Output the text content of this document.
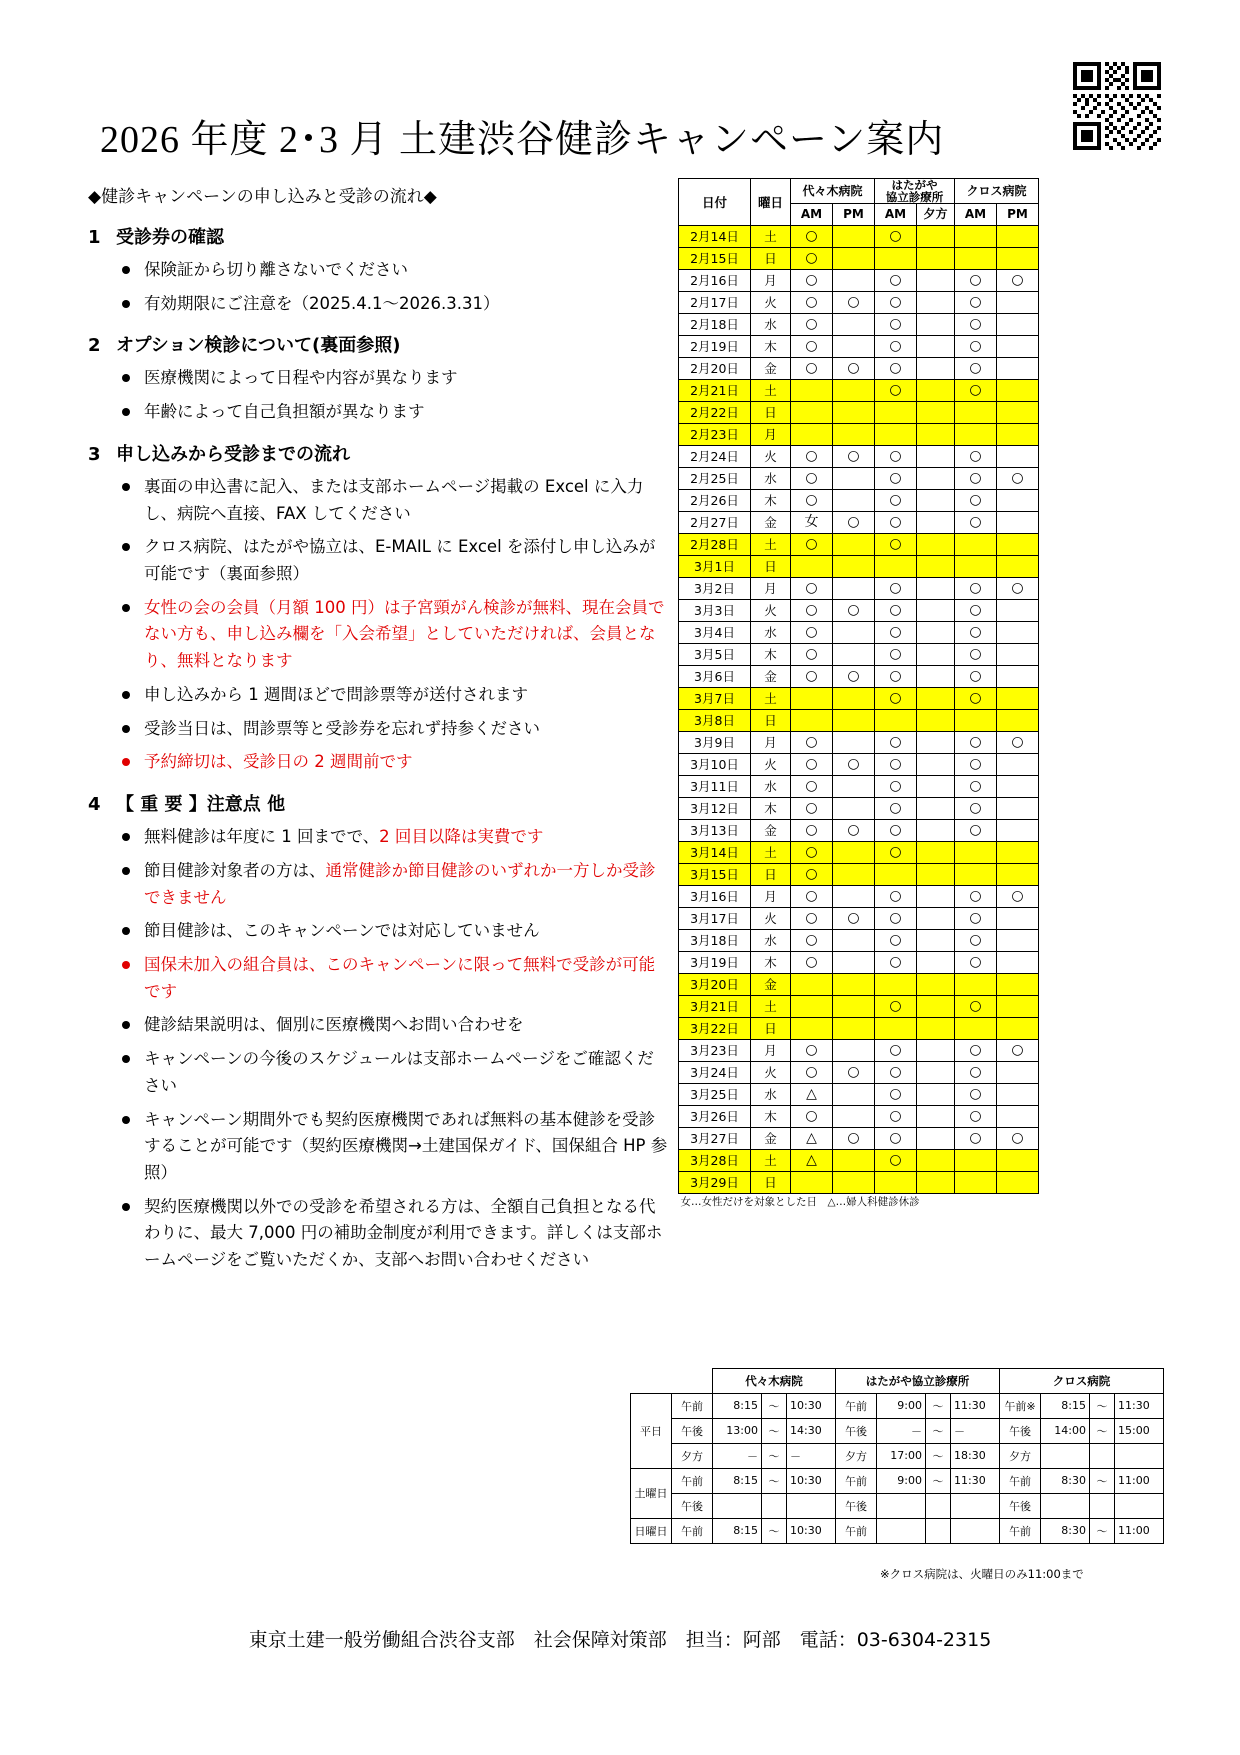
2026 年度 2･3 月 土建渋谷健診キャンペーン案内
◆健診キャンペーンの申し込みと受診の流れ◆
1 受診券の確認
保険証から切り離さないでください
有効期限にご注意を（2025.4.1～2026.3.31）
2 オプション検診について(裏面参照)
医療機関によって日程や内容が異なります
年齢によって自己負担額が異なります
3 申し込みから受診までの流れ
裏面の申込書に記入、または支部ホームページ掲載の Excel に入力し、病院へ直接、FAX してください
クロス病院、はたがや協立は、E-MAIL に Excel を添付し申し込みが可能です（裏面参照）
女性の会の会員（月額 100 円）は子宮頸がん検診が無料、現在会員でない方も、申し込み欄を「入会希望」としていただければ、会員となり、無料となります
申し込みから 1 週間ほどで問診票等が送付されます
受診当日は、問診票等と受診券を忘れず持参ください
予約締切は、受診日の 2 週間前です
4 【 重 要 】注意点 他
無料健診は年度に 1 回までで、2 回目以降は実費です
節目健診対象者の方は、通常健診か節目健診のいずれか一方しか受診できません
節目健診は、このキャンペーンでは対応していません
国保未加入の組合員は、このキャンペーンに限って無料で受診が可能です
健診結果説明は、個別に医療機関へお問い合わせを
キャンペーンの今後のスケジュールは支部ホームページをご確認ください
キャンペーン期間外でも契約医療機関であれば無料の基本健診を受診することが可能です（契約医療機関→土建国保ガイド、国保組合 HP 参照）
契約医療機関以外での受診を希望される方は、全額自己負担となる代わりに、最大 7,000 円の補助金制度が利用できます。詳しくは支部ホームページをご覧いただくか、支部へお問い合わせください
日付	曜日	代々木病院		はたがや
協立診療所		クロス病院	
		AM	PM	AM	夕方	AM	PM
2月14日	土	○		○			
2月15日	日	○					
2月16日	月	○		○		○	○
2月17日	火	○	○	○		○	
2月18日	水	○		○		○	
2月19日	木	○		○		○	
2月20日	金	○	○	○		○	
2月21日	土			○		○	
2月22日	日						
2月23日	月						
2月24日	火	○	○	○		○	
2月25日	水	○		○		○	○
2月26日	木	○		○		○	
2月27日	金	女	○	○		○	
2月28日	土	○		○			
3月1日	日						
3月2日	月	○		○		○	○
3月3日	火	○	○	○		○	
3月4日	水	○		○		○	
3月5日	木	○		○		○	
3月6日	金	○	○	○		○	
3月7日	土			○		○	
3月8日	日						
3月9日	月	○		○		○	○
3月10日	火	○	○	○		○	
3月11日	水	○		○		○	
3月12日	木	○		○		○	
3月13日	金	○	○	○		○	
3月14日	土	○		○			
3月15日	日	○					
3月16日	月	○		○		○	○
3月17日	火	○	○	○		○	
3月18日	水	○		○		○	
3月19日	木	○		○		○	
3月20日	金						
3月21日	土			○		○	
3月22日	日						
3月23日	月	○		○		○	○
3月24日	火	○	○	○		○	
3月25日	水	△		○		○	
3月26日	木	○		○		○	
3月27日	金	△	○	○		○	○
3月28日	土	△		○			
3月29日	日						
女…女性だけを対象とした日　△…婦人科健診休診							
		代々木病院			はたがや協立診療所				クロス病院			
平日	午前	8:15	～	10:30	午前	9:00	～	11:30	午前※	8:15	～	11:30
	午後	13:00	～	14:30	午後	－	～	－	午後	14:00	～	15:00
	夕方	－	～	－	夕方	17:00	～	18:30	夕方			
土曜日	午前	8:15	～	10:30	午前	9:00	～	11:30	午前	8:30	～	11:00
	午後				午後				午後			
日曜日	午前	8:15	～	10:30	午前				午前	8:30	～	11:00
※クロス病院は、火曜日のみ11:00まで
東京土建一般労働組合渋谷支部　社会保障対策部　担当：阿部　電話：03-6304-2315
